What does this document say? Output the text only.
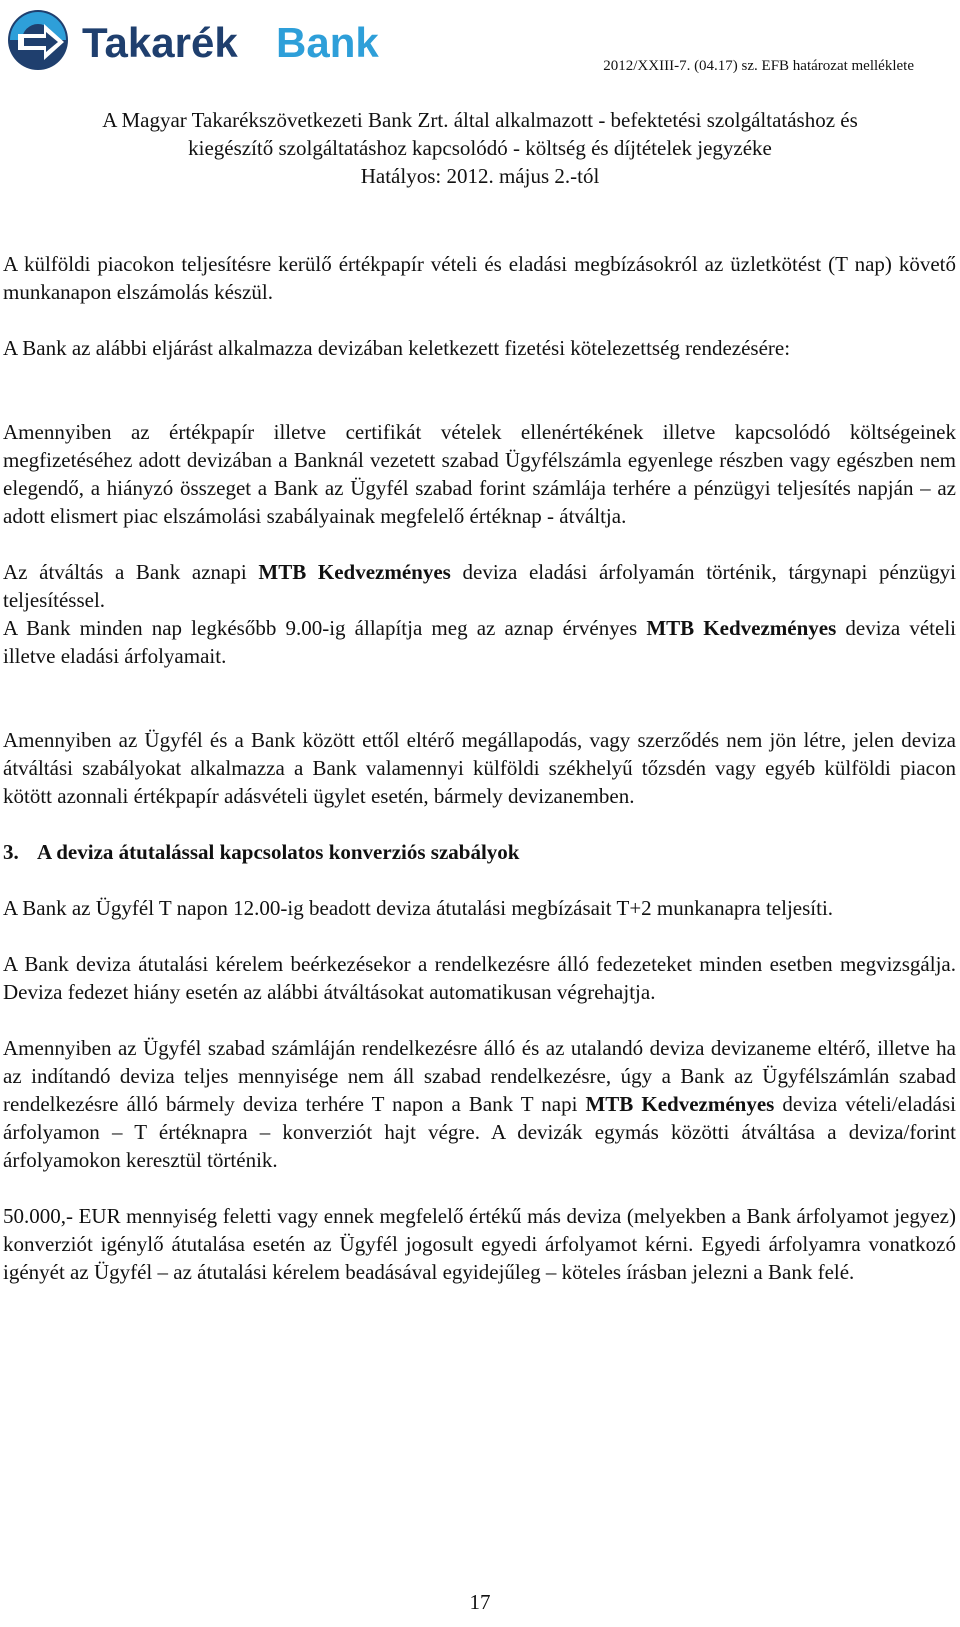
Takarék Bank	2012/XXIII-7. (04.17) sz. EFB határozat melléklete
A Magyar Takarékszövetkezeti Bank Zrt. által alkalmazott - befektetési szolgáltatáshoz és
kiegészítő szolgáltatáshoz kapcsolódó - költség és díjtételek jegyzéke
Hatályos: 2012. május 2.-tól

A külföldi piacokon teljesítésre kerülő értékpapír vételi és eladási megbízásokról az üzletkötést (T nap) követő munkanapon elszámolás készül.

A Bank az alábbi eljárást alkalmazza devizában keletkezett fizetési kötelezettség rendezésére:

Amennyiben az értékpapír illetve certifikát vételek ellenértékének illetve kapcsolódó költségeinek megfizetéséhez adott devizában a Banknál vezetett szabad Ügyfélszámla egyenlege részben vagy egészben nem elegendő, a hiányzó összeget a Bank az Ügyfél szabad forint számlája terhére a pénzügyi teljesítés napján – az adott elismert piac elszámolási szabályainak megfelelő értéknap - átváltja.

Az átváltás a Bank aznapi MTB Kedvezményes deviza eladási árfolyamán történik, tárgynapi pénzügyi teljesítéssel.

A Bank minden nap legkésőbb 9.00-ig állapítja meg az aznap érvényes MTB Kedvezményes deviza vételi illetve eladási árfolyamait.

Amennyiben az Ügyfél és a Bank között ettől eltérő megállapodás, vagy szerződés nem jön létre, jelen deviza átváltási szabályokat alkalmazza a Bank valamennyi külföldi székhelyű tőzsdén vagy egyéb külföldi piacon kötött azonnali értékpapír adásvételi ügylet esetén, bármely devizanemben.

3. A deviza átutalással kapcsolatos konverziós szabályok

A Bank az Ügyfél T napon 12.00-ig beadott deviza átutalási megbízásait T+2 munkanapra teljesíti.

A Bank deviza átutalási kérelem beérkezésekor a rendelkezésre álló fedezeteket minden esetben megvizsgálja. Deviza fedezet hiány esetén az alábbi átváltásokat automatikusan végrehajtja.

Amennyiben az Ügyfél szabad számláján rendelkezésre álló és az utalandó deviza devizaneme eltérő, illetve ha az indítandó deviza teljes mennyisége nem áll szabad rendelkezésre, úgy a Bank az Ügyfélszámlán szabad rendelkezésre álló bármely deviza terhére T napon a Bank T napi MTB Kedvezményes deviza vételi/eladási árfolyamon – T értéknapra – konverziót hajt végre. A devizák egymás közötti átváltása a deviza/forint árfolyamokon keresztül történik.

50.000,- EUR mennyiség feletti vagy ennek megfelelő értékű más deviza (melyekben a Bank árfolyamot jegyez) konverziót igénylő átutalása esetén az Ügyfél jogosult egyedi árfolyamot kérni. Egyedi árfolyamra vonatkozó igényét az Ügyfél – az átutalási kérelem beadásával egyidejűleg – köteles írásban jelezni a Bank felé.

17
